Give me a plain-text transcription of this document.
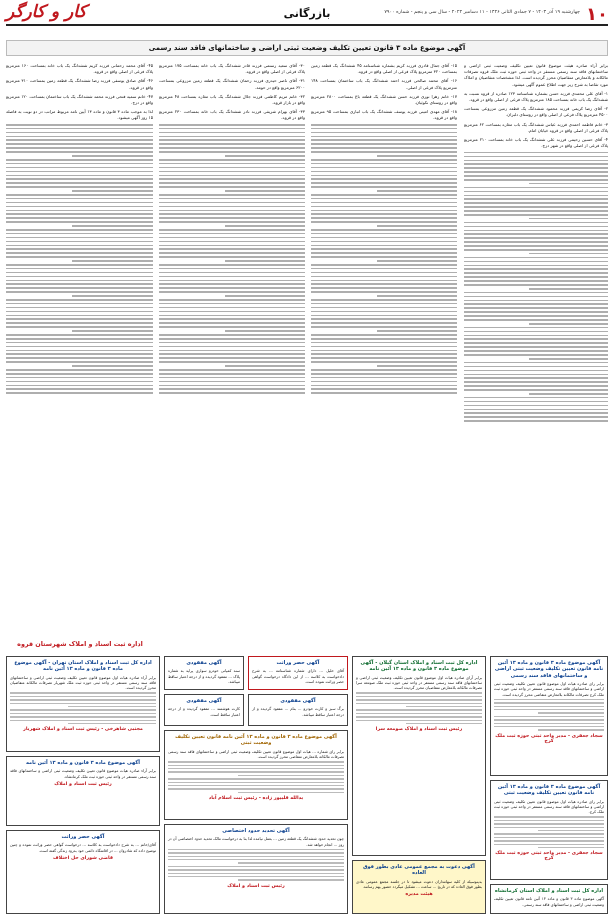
۱۰
چهارشنبه ۱۹ آذر ۱۴۰۳ - ۷ جمادی الثانی ۱۴۴۶ - ۱۱ دسامبر ۲۰۲۴ - سال سی و پنجم - شماره ۷۹۰۰
بازرگانی
کار و کارگر
آگهی موضوع ماده ۳ قانون تعیین تکلیف وضعیت ثبتی اراضی و ساختمانهای فاقد سند رسمی
برابر آراء صادره هیئت موضوع قانون تعیین تکلیف وضعیت ثبتی اراضی و ساختمانهای فاقد سند رسمی مستقر در واحد ثبتی حوزه ثبت ملک قروه تصرفات مالکانه و بلامعارض متقاضیان محرز گردیده است. لذا مشخصات متقاضیان و املاک مورد تقاضا به شرح زیر جهت اطلاع عموم آگهی میشود.
۱- آقای علی محمدی فرزند حسن بشماره شناسنامه ۱۲۳ صادره از قروه نسبت به ششدانگ یک باب خانه بمساحت ۱۸۵ مترمربع پلاک فرعی از اصلی واقع در قروه.
۲- آقای رضا کریمی فرزند محمود ششدانگ یک قطعه زمین مزروعی بمساحت ۴۵۰۰ مترمربع پلاک فرعی از اصلی واقع در روستای دلبران.
۳- خانم فاطمه احمدی فرزند عباس ششدانگ یک باب مغازه بمساحت ۶۲ مترمربع پلاک فرعی از اصلی واقع در قروه خیابان امام.
۴- آقای حسین رحیمی فرزند علی ششدانگ یک باب خانه بمساحت ۲۱۰ مترمربع پلاک فرعی از اصلی واقع در شهر دزج.
۱۵- آقای جمال قادری فرزند کریم بشماره شناسنامه ۴۵ ششدانگ یک قطعه زمین بمساحت ۳۲۰ مترمربع پلاک فرعی از اصلی واقع در قروه.
۱۶- آقای محمد صالحی فرزند احمد ششدانگ یک باب ساختمان بمساحت ۱۴۸ مترمربع پلاک فرعی از اصلی.
۱۷- خانم زهرا نوری فرزند حسن ششدانگ یک قطعه باغ بمساحت ۲۸۰۰ مترمربع واقع در روستای نکوئیان.
۱۸- آقای مهدی امینی فرزند یوسف ششدانگ یک باب انباری بمساحت ۹۵ مترمربع واقع در قروه.
۳۰- آقای سعید رستمی فرزند قادر ششدانگ یک باب خانه بمساحت ۱۷۵ مترمربع پلاک فرعی از اصلی واقع در قروه.
۳۱- آقای ناصر حیدری فرزند رحمان ششدانگ یک قطعه زمین مزروعی بمساحت ۶۲۰۰ مترمربع واقع در حومه.
۳۲- خانم مریم کاظمی فرزند جلال ششدانگ یک باب مغازه بمساحت ۴۸ مترمربع واقع در بازار قروه.
۳۳- آقای بهرام شریفی فرزند نادر ششدانگ یک باب خانه بمساحت ۲۳۰ مترمربع واقع در قروه.
۴۵- آقای محمد رحمانی فرزند کریم ششدانگ یک باب خانه بمساحت ۱۶۰ مترمربع پلاک فرعی از اصلی واقع در قروه.
۴۶- آقای صادق یوسفی فرزند رضا ششدانگ یک قطعه زمین بمساحت ۳۱۰ مترمربع واقع در قروه.
۴۷- خانم سمیه فتحی فرزند محمد ششدانگ یک باب ساختمان بمساحت ۱۲۰ مترمربع واقع در دزج.
لذا به موجب ماده ۳ قانون و ماده ۱۳ آیین نامه مربوط مراتب در دو نوبت به فاصله ۱۵ روز آگهی میشود.
اداره ثبت اسناد و املاک شهرستان قروه
آگهی موضوع ماده ۳ قانون و ماده ۱۳ آئین نامه قانون تعیین تکلیف وضعیت ثبتی اراضی و ساختمانهای فاقد سند رسمی
برابر رای صادره هیات اول موضوع قانون تعیین تکلیف وضعیت ثبتی اراضی و ساختمانهای فاقد سند رسمی مستقر در واحد ثبتی حوزه ثبت ملک کرج تصرفات مالکانه بلامعارض متقاضی محرز گردیده است.
سجاد جعفری - مدیر واحد ثبتی حوزه ثبت ملک کرج
اداره کل ثبت اسناد و املاک استان گیلان - آگهی موضوع ماده ۳ قانون و ماده ۱۳ آئین نامه
برابر آرای صادره هیات اول موضوع قانون تعیین تکلیف وضعیت ثبتی اراضی و ساختمانهای فاقد سند رسمی مستقر در واحد ثبتی حوزه ثبت ملک صومعه سرا تصرفات مالکانه بلامعارض متقاضیان محرز گردیده است.
رئیس ثبت اسناد و املاک صومعه سرا
آگهی حصر وراثت
آقای خلیل ... دارای شماره شناسنامه ... به شرح دادخواست به کلاسه ... از این دادگاه درخواست گواهی حصر وراثت نموده است.
آگهی مفقودی
سند کمپانی خودرو سواری پراید به شماره پلاک ... مفقود گردیده و از درجه اعتبار ساقط میباشد.
اداره کل ثبت اسناد و املاک استان تهران - آگهی موضوع ماده ۳ قانون و ماده ۱۳ آئین نامه
برابر آراء صادره هیات اول موضوع قانون تعیین تکلیف وضعیت ثبتی اراضی و ساختمانهای فاقد سند رسمی مستقر در واحد ثبتی حوزه ثبت ملک شهریار تصرفات مالکانه متقاضیان محرز گردیده است.
مجتبی شاهرخی - رئیس ثبت اسناد و املاک شهریار
آگهی مفقودی
برگ سبز و کارت خودرو ... بنام ... مفقود گردیده و از درجه اعتبار ساقط میباشد.
آگهی موضوع ماده ۳ قانون و ماده ۱۳ آئین نامه قانون تعیین تکلیف وضعیت ثبتی
برابر رای شماره ... هیات اول موضوع قانون تعیین تکلیف وضعیت ثبتی اراضی و ساختمانهای فاقد سند رسمی تصرفات مالکانه بلامعارض متقاضی محرز گردیده است.
یدالله قلیپور زاده - رئیس ثبت اسلام آباد
آگهی مفقودی
کارت هوشمند ... مفقود گردیده و از درجه اعتبار ساقط است.
آگهی موضوع ماده ۳ قانون و ماده ۱۳ آئین نامه قانون تعیین تکلیف وضعیت ثبتی
برابر رای صادره هیات اول موضوع قانون تعیین تکلیف وضعیت ثبتی اراضی و ساختمانهای فاقد سند رسمی مستقر در واحد ثبتی حوزه ثبت ملک کرج.
سجاد جعفری - مدیر واحد ثبتی حوزه ثبت ملک کرج
آگهی دعوت به مجمع عمومی عادی بطور فوق العاده
بدینوسیله از کلیه سهامداران دعوت میشود تا در جلسه مجمع عمومی عادی بطور فوق العاده که در تاریخ ... ساعت ... تشکیل میگردد حضور بهم رسانند.
هیئت مدیره
آگهی تحدید حدود اختصاصی
چون تحدید حدود ششدانگ یک قطعه زمین ... بعمل نیامده لذا بنا به درخواست مالک تحدید حدود اختصاصی آن در روز ... انجام خواهد شد.
رئیس ثبت اسناد و املاک
آگهی موضوع ماده ۳ قانون و ماده ۱۳ آئین نامه
برابر آراء صادره هیات موضوع قانون تعیین تکلیف وضعیت ثبتی اراضی و ساختمانهای فاقد سند رسمی مستقر در واحد ثبتی حوزه ثبت ملک کرمانشاه.
رئیس ثبت اسناد و املاک
آگهی حصر وراثت
آقای/خانم ... به شرح دادخواست به کلاسه ... درخواست گواهی حصر وراثت نموده و چنین توضیح داده که شادروان ... در اقامتگاه دائمی خود بدرود زندگی گفته است.
قاضی شورای حل اختلاف
اداره کل ثبت اسناد و املاک استان کرمانشاه
آگهی موضوع ماده ۳ قانون و ماده ۱۳ آئین نامه قانون تعیین تکلیف وضعیت ثبتی اراضی و ساختمانهای فاقد سند رسمی.
